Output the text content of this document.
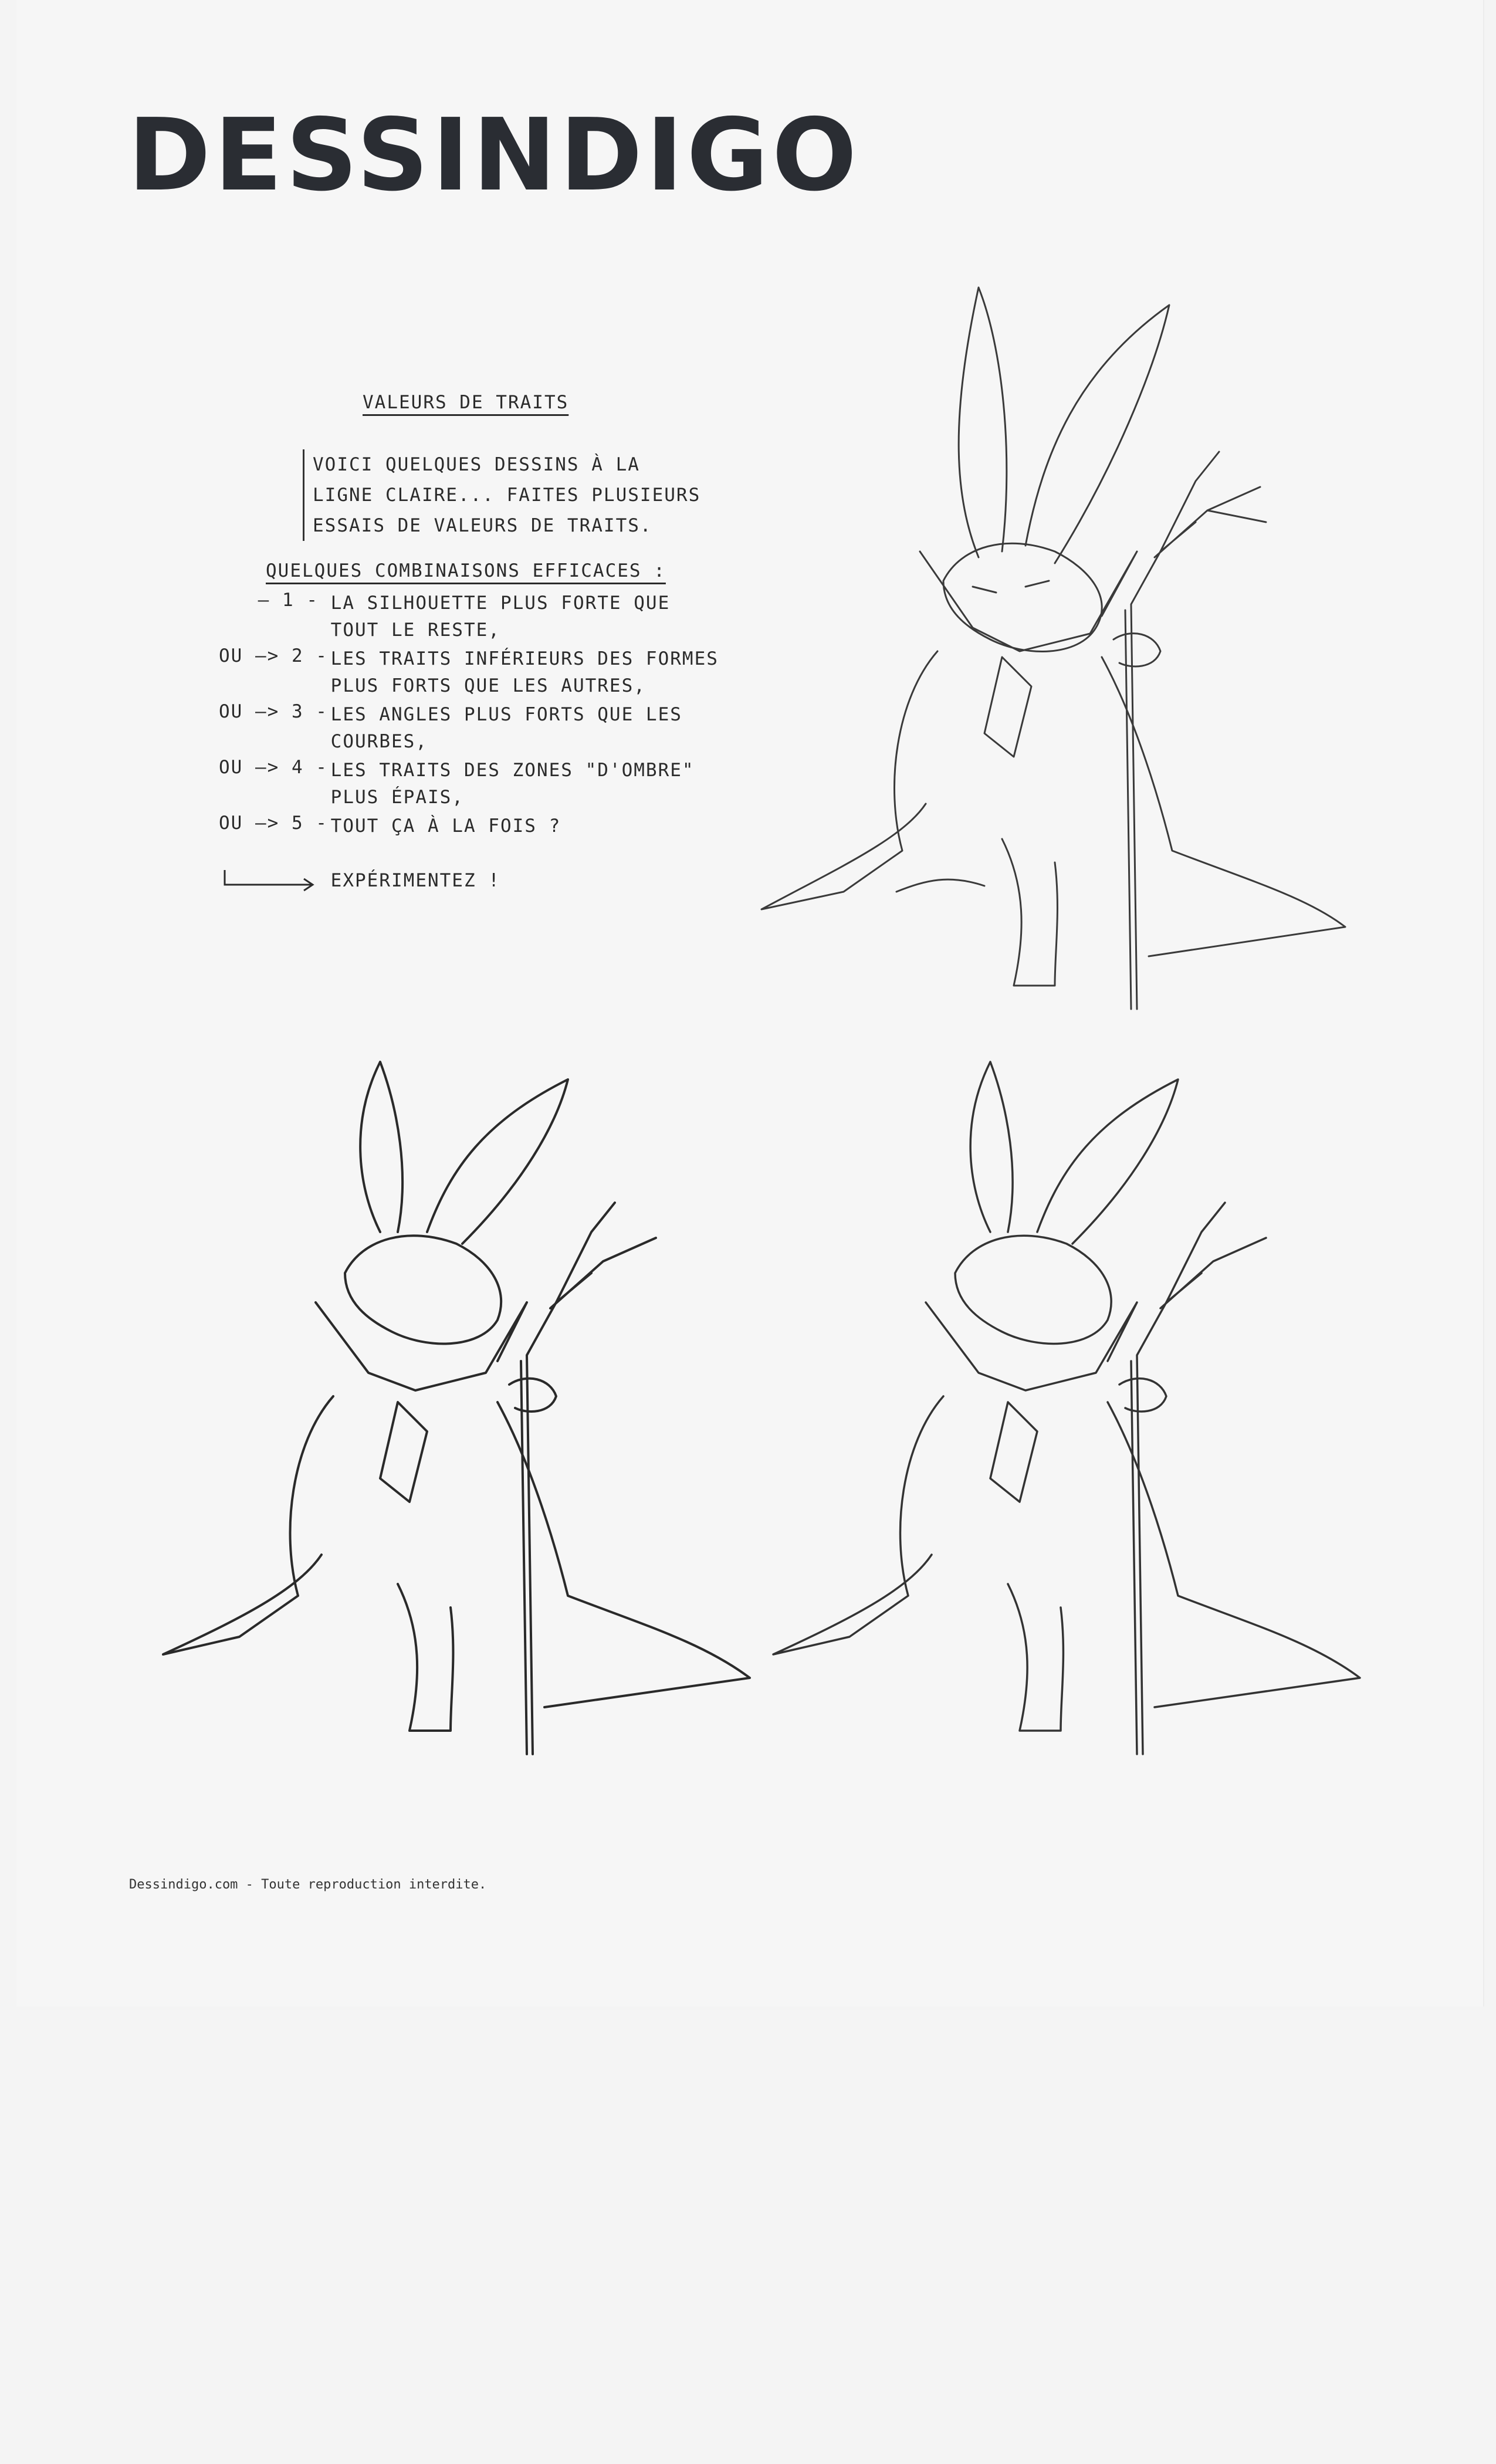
DESSINDIGO

VALEURS DE TRAITS

VOICI QUELQUES DESSINS À LA
LIGNE CLAIRE... FAITES PLUSIEURS
ESSAIS DE VALEURS DE TRAITS.

QUELQUES COMBINAISONS EFFICACES :

— 1 - LA SILHOUETTE PLUS FORTE QUE
TOUT LE RESTE,
OU —> 2 - LES TRAITS INFÉRIEURS DES FORMES
PLUS FORTS QUE LES AUTRES,
OU —> 3 - LES ANGLES PLUS FORTS QUE LES
COURBES,
OU —> 4 - LES TRAITS DES ZONES "D'OMBRE"
PLUS ÉPAIS,
OU —> 5 - TOUT ÇA À LA FOIS ?
EXPÉRIMENTEZ !

Dessindigo.com - Toute reproduction interdite.
